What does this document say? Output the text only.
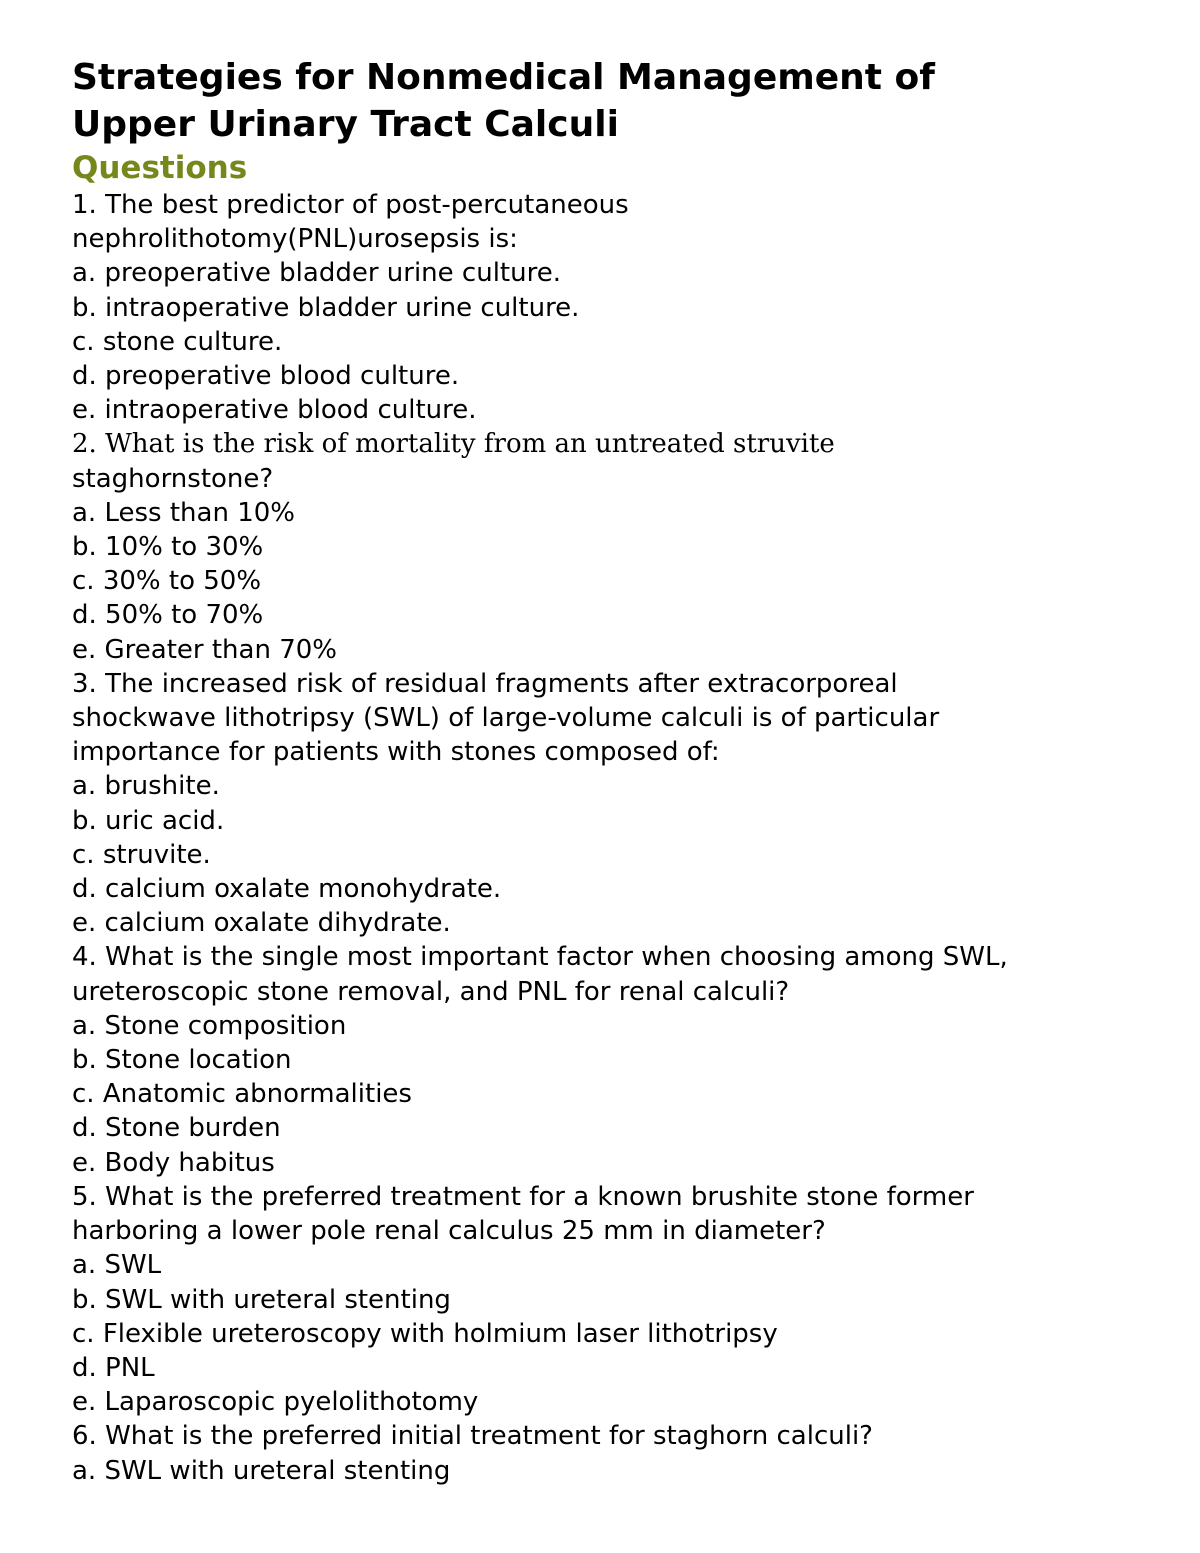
Strategies for Nonmedical Management of
Upper Urinary Tract Calculi
Questions

1. The best predictor of post-percutaneous

nephrolithotomy(PNL)urosepsis is:

a. preoperative bladder urine culture.

b. intraoperative bladder urine culture.

c. stone culture.

d. preoperative blood culture.

e. intraoperative blood culture.

2. What is the risk of mortality from an untreated struvite

staghornstone?

a. Less than 10%

b. 10% to 30%

c. 30% to 50%

d. 50% to 70%

e. Greater than 70%

3. The increased risk of residual fragments after extracorporeal

shockwave lithotripsy (SWL) of large-volume calculi is of particular

importance for patients with stones composed of:

a. brushite.

b. uric acid.

c. struvite.

d. calcium oxalate monohydrate.

e. calcium oxalate dihydrate.

4. What is the single most important factor when choosing among SWL,

ureteroscopic stone removal, and PNL for renal calculi?

a. Stone composition

b. Stone location

c. Anatomic abnormalities

d. Stone burden

e. Body habitus

5. What is the preferred treatment for a known brushite stone former

harboring a lower pole renal calculus 25 mm in diameter?

a. SWL

b. SWL with ureteral stenting

c. Flexible ureteroscopy with holmium laser lithotripsy

d. PNL

e. Laparoscopic pyelolithotomy

6. What is the preferred initial treatment for staghorn calculi?

a. SWL with ureteral stenting
